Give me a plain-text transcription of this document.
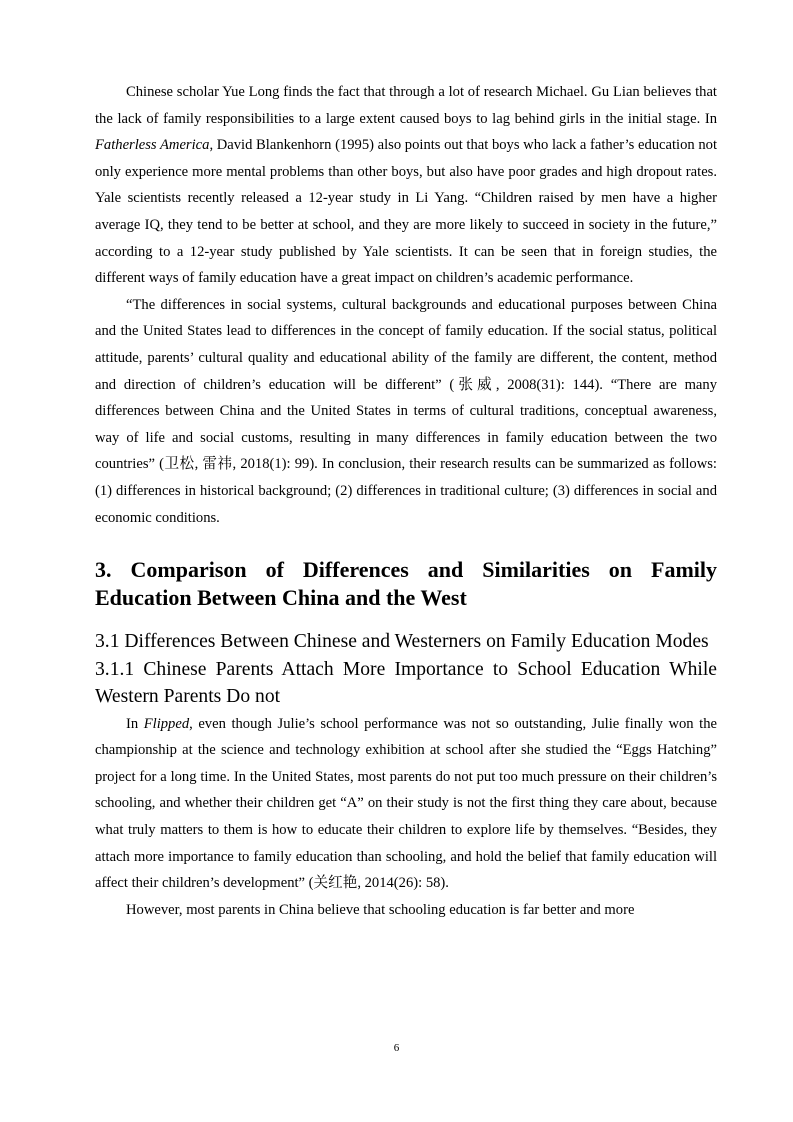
Chinese scholar Yue Long finds the fact that through a lot of research Michael. Gu Lian believes that the lack of family responsibilities to a large extent caused boys to lag behind girls in the initial stage. In Fatherless America, David Blankenhorn (1995) also points out that boys who lack a father’s education not only experience more mental problems than other boys, but also have poor grades and high dropout rates. Yale scientists recently released a 12-year study in Li Yang. “Children raised by men have a higher average IQ, they tend to be better at school, and they are more likely to succeed in society in the future,” according to a 12-year study published by Yale scientists. It can be seen that in foreign studies, the different ways of family education have a great impact on children’s academic performance.

“The differences in social systems, cultural backgrounds and educational purposes between China and the United States lead to differences in the concept of family education. If the social status, political attitude, parents’ cultural quality and educational ability of the family are different, the content, method and direction of children’s education will be different” (张威, 2008(31): 144). “There are many differences between China and the United States in terms of cultural traditions, conceptual awareness, way of life and social customs, resulting in many differences in family education between the two countries” (卫松, 雷祎, 2018(1): 99). In conclusion, their research results can be summarized as follows: (1) differences in historical background; (2) differences in traditional culture; (3) differences in social and economic conditions.

3. Comparison of Differences and Similarities on Family Education Between China and the West
3.1 Differences Between Chinese and Westerners on Family Education Modes
3.1.1 Chinese Parents Attach More Importance to School Education While Western Parents Do not

In Flipped, even though Julie’s school performance was not so outstanding, Julie finally won the championship at the science and technology exhibition at school after she studied the “Eggs Hatching” project for a long time. In the United States, most parents do not put too much pressure on their children’s schooling, and whether their children get “A” on their study is not the first thing they care about, because what truly matters to them is how to educate their children to explore life by themselves. “Besides, they attach more importance to family education than schooling, and hold the belief that family education will affect their children’s development” (关红艳, 2014(26): 58).

However, most parents in China believe that schooling education is far better and more

6
